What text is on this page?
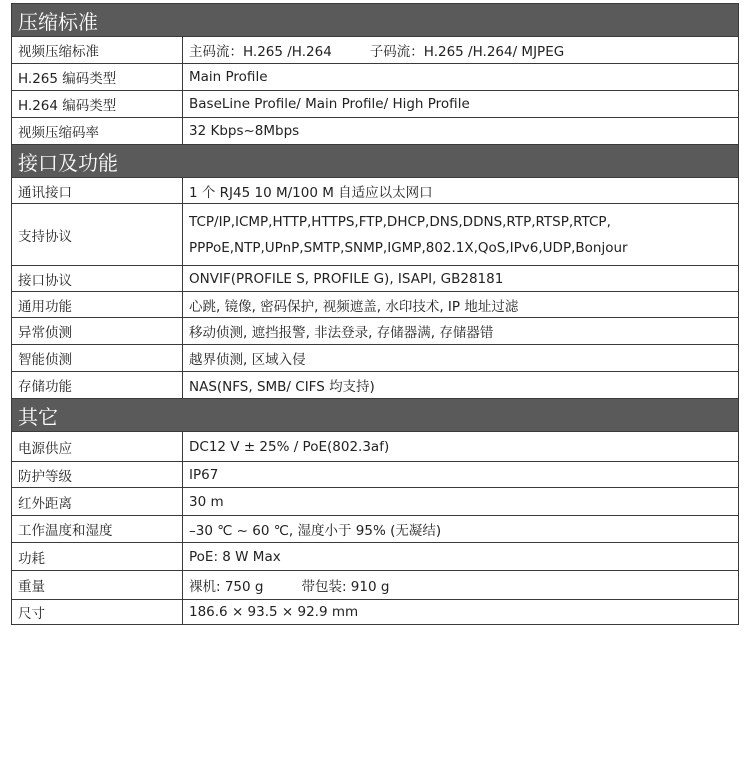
压缩标准	
视频压缩标准	主码流：H.265 /H.264 子码流：H.265 /H.264/ MJPEG
H.265 编码类型	Main Profile
H.264 编码类型	BaseLine Profile/ Main Profile/ High Profile
视频压缩码率	32 Kbps~8Mbps
接口及功能	
通讯接口	1 个 RJ45 10 M/100 M 自适应以太网口
支持协议	TCP/IP,ICMP,HTTP,HTTPS,FTP,DHCP,DNS,DDNS,RTP,RTSP,RTCP,
PPPoE,NTP,UPnP,SMTP,SNMP,IGMP,802.1X,QoS,IPv6,UDP,Bonjour

接口协议	ONVIF(PROFILE S, PROFILE G), ISAPI, GB28181
通用功能	心跳, 镜像, 密码保护, 视频遮盖, 水印技术, IP 地址过滤
异常侦测	移动侦测, 遮挡报警, 非法登录, 存储器满, 存储器错
智能侦测	越界侦测, 区域入侵
存储功能	NAS(NFS, SMB/ CIFS 均支持)
其它	
电源供应	DC12 V ± 25% / PoE(802.3af)
防护等级	IP67
红外距离	30 m
工作温度和湿度	–30 ℃ ~ 60 ℃, 湿度小于 95% (无凝结)
功耗	PoE: 8 W Max
重量	裸机: 750 g 带包装: 910 g
尺寸	186.6 × 93.5 × 92.9 mm
